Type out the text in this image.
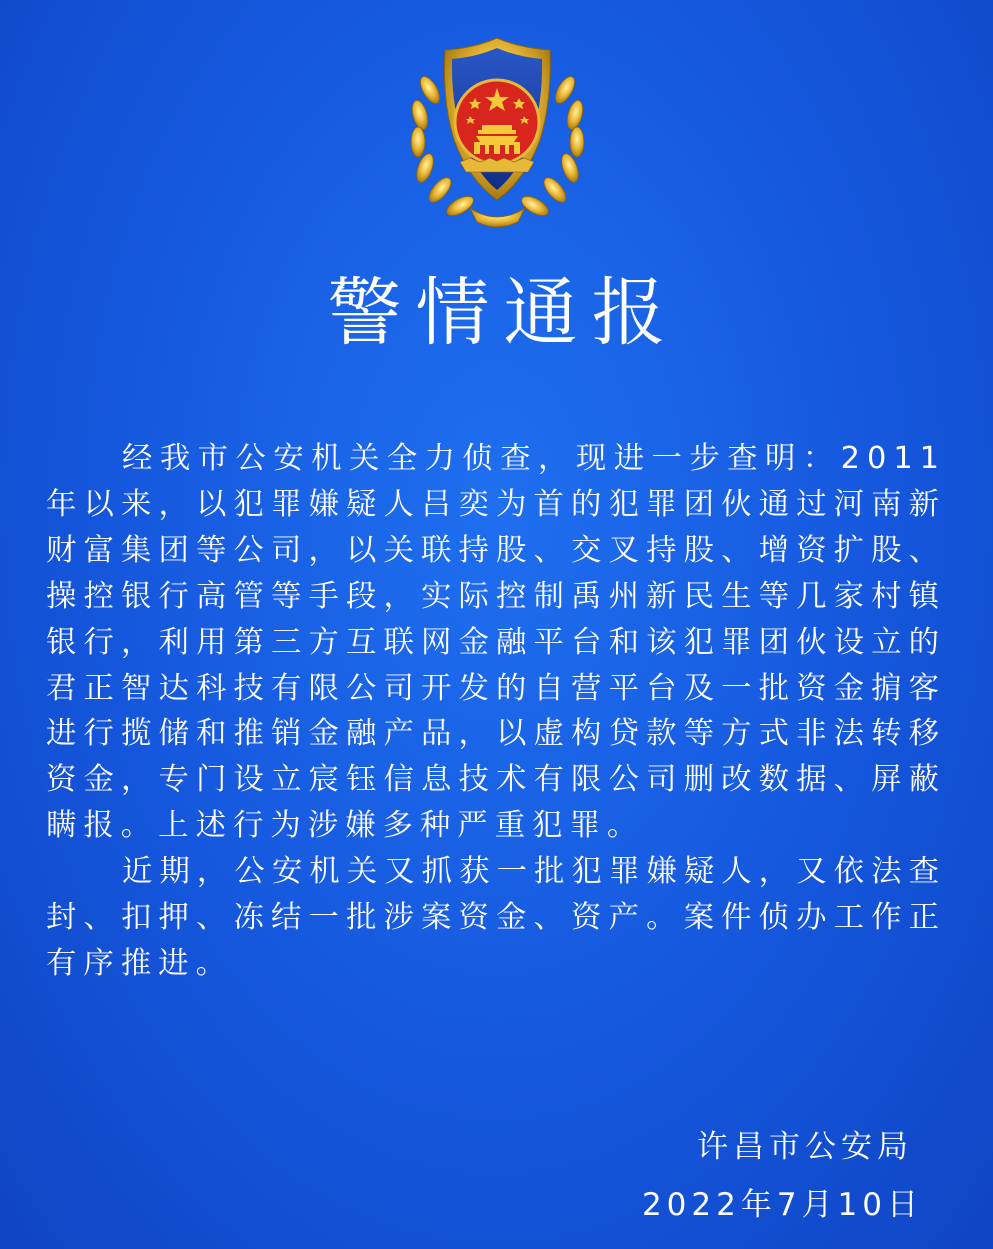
警情通报

经我市公安机关全力侦查，现进一步查明：2011年以来，以犯罪嫌疑人吕奕为首的犯罪团伙通过河南新财富集团等公司，以关联持股、交叉持股、增资扩股、操控银行高管等手段，实际控制禹州新民生等几家村镇银行，利用第三方互联网金融平台和该犯罪团伙设立的君正智达科技有限公司开发的自营平台及一批资金掮客进行揽储和推销金融产品，以虚构贷款等方式非法转移资金，专门设立宸钰信息技术有限公司删改数据、屏蔽瞒报。上述行为涉嫌多种严重犯罪。

近期，公安机关又抓获一批犯罪嫌疑人，又依法查封、扣押、冻结一批涉案资金、资产。案件侦办工作正有序推进。

许昌市公安局
2022年7月10日
